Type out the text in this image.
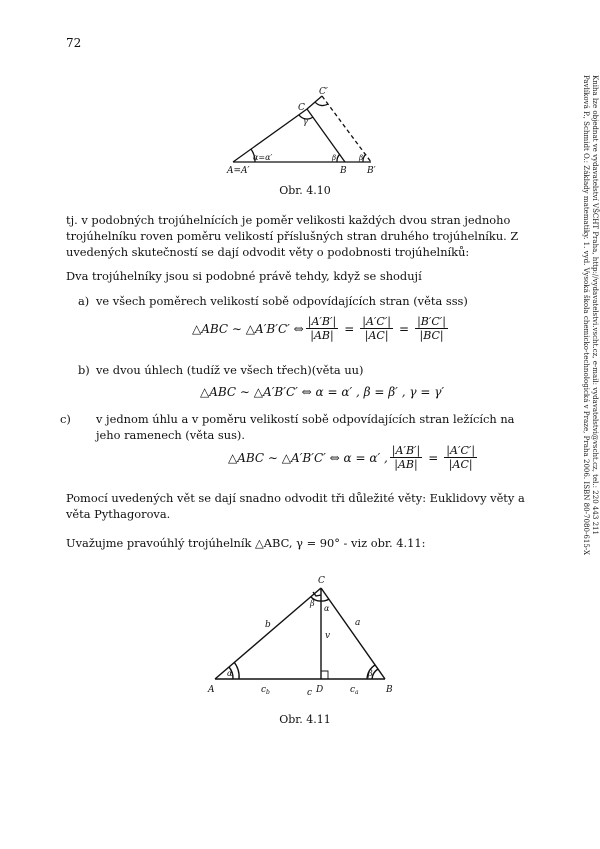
72
A=A′
α=α′
C
C′
γ
B B′
β	β
Obr. 4.10
tj. v podobných trojúhelnících je poměr velikosti každých dvou stran jednoho trojúhelníku roven poměru velikostí příslušných stran druhého trojúhelníku. Z uvedených skutečností se dají odvodit věty o podobnosti trojúhelníků:
Dva trojúhelníky jsou si podobné právě tehdy, když se shodují
a) ve všech poměrech velikostí sobě odpovídajících stran (věta sss)
△ABC ∼ △A′B′C′ ⇔ $\frac{|A'B'|}{|AB|} = \frac{|A'C'|}{|AC|} = \frac{|B'C'|}{|BC|}$
b) ve dvou úhlech (tudíž ve všech třech)(věta uu)
△ABC ∼ △A′B′C′ ⇔ α = α′ , β = β′ , γ = γ′
c) v jednom úhlu a v poměru velikostí sobě odpovídajících stran ležících na jeho ramenech (věta sus).
△ABC ∼ △A′B′C′ ⇔ α = α′ , $\frac{|A'B'|}{|AB|} = \frac{|A'C'|}{|AC|}$
Pomocí uvedených vět se dají snadno odvodit tři důležité věty: Euklidovy věty a věta Pythagorova.
Uvažujme pravoúhlý trojúhelník △ABC, γ = 90° - viz obr. 4.11:
C
A	B
D
b	a
v
c
$c_b$	$c_a$
α	β
β
α
Obr. 4.11
Pavlíková P., Schmidt O.: Základy matematiky. 1. vyd. Vysoká škola chemicko-technologická v Praze, Praha 2006. ISBN 80-7080-615-X Kniha lze objednat ve vydavatelství VŠCHT Praha, http://vydavatelstvi.vscht.cz, e-mail: vydavatelstvi@vscht.cz, tel.: 220 443 211
